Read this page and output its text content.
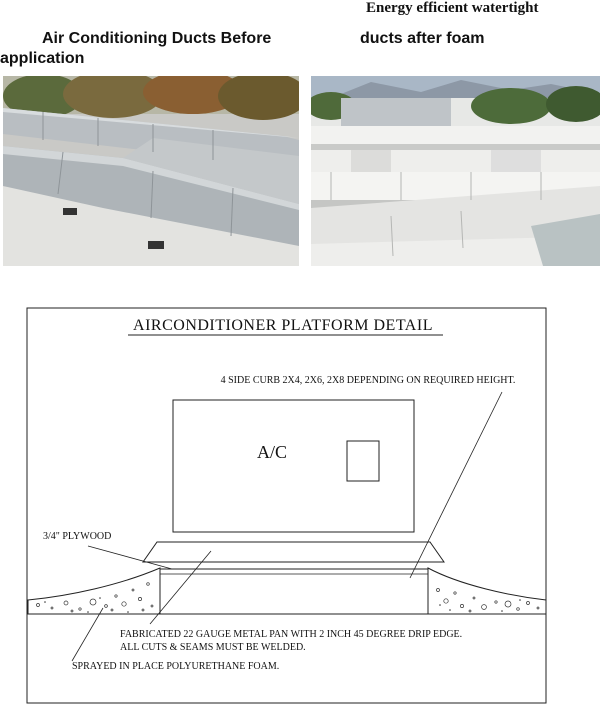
Air Conditioning Ducts Before
application
Energy efficient watertight
ducts after foam
AIRCONDITIONER PLATFORM DETAIL
4 SIDE CURB 2X4, 2X6, 2X8 DEPENDING ON REQUIRED HEIGHT.
A/C
3/4" PLYWOOD
FABRICATED 22 GAUGE METAL PAN WITH 2 INCH 45 DEGREE DRIP EDGE.
ALL CUTS & SEAMS MUST BE WELDED.
SPRAYED IN PLACE POLYURETHANE FOAM.
